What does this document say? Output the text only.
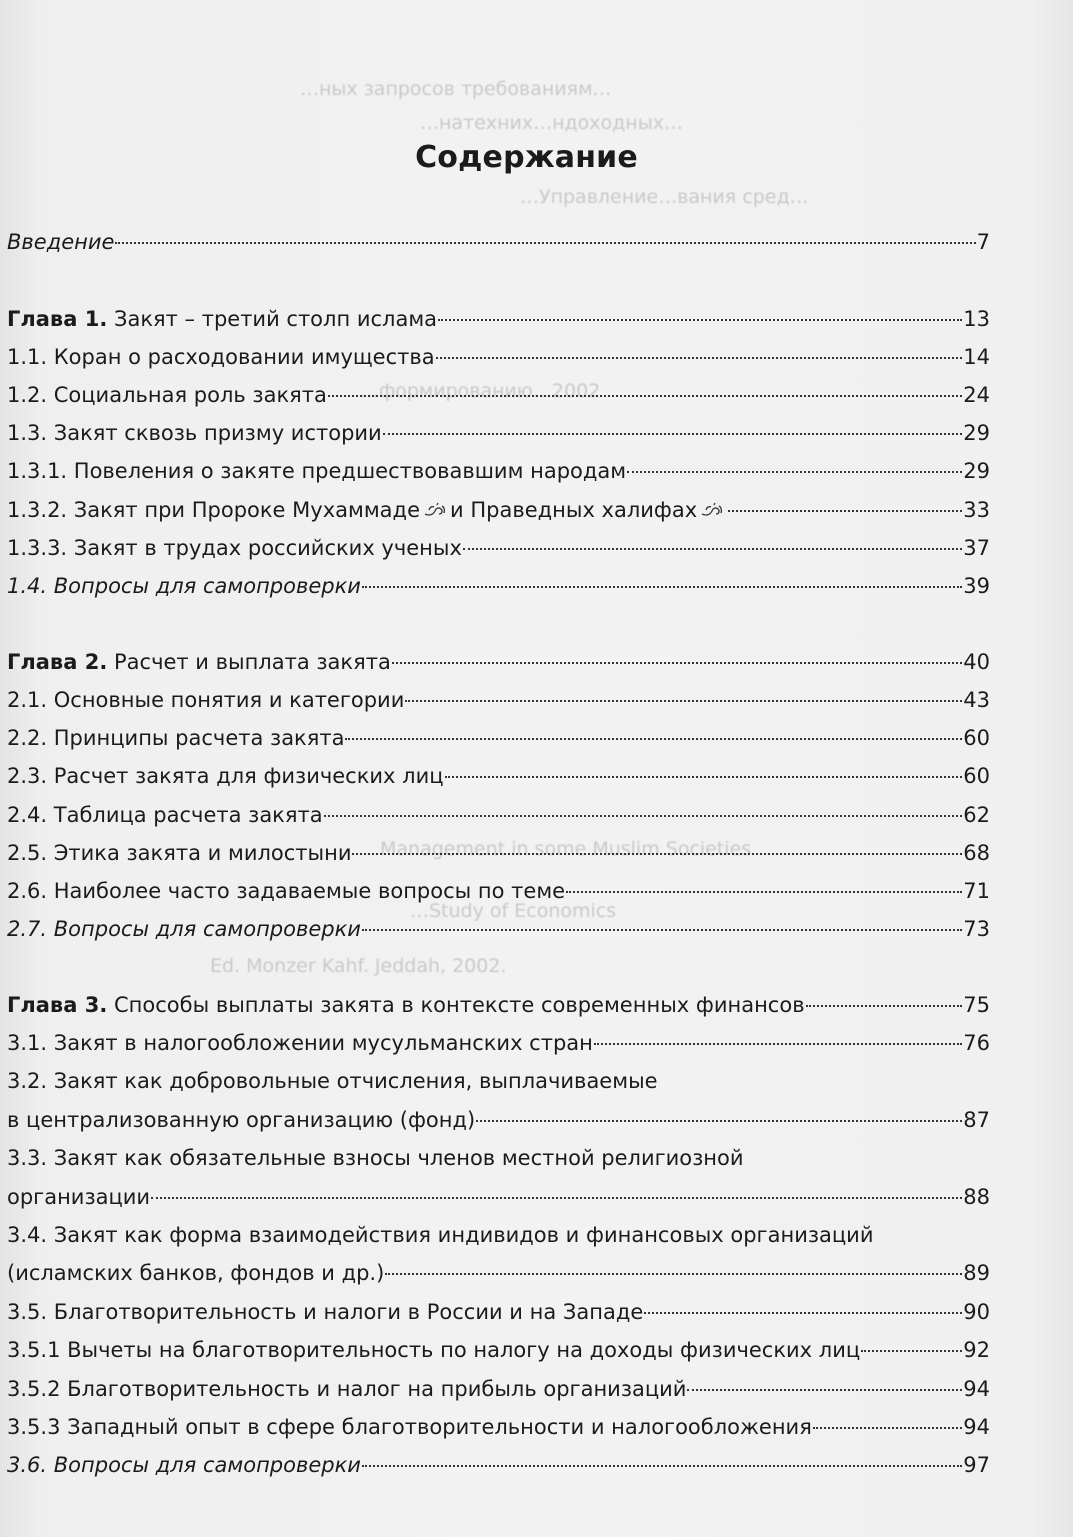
…ных запросов требованиям…
…натехних…ндоходных…
…Управление…вания сред…
…формированию…2002
Management in some Muslim Societies
…Study of Economics
Ed. Monzer Kahf. Jeddah, 2002.
Содержание
Введение	7
Глава 1. Закят – третий столп ислама	13
1.1. Коран о расходовании имущества	14
1.2. Социальная роль закята	24
1.3. Закят сквозь призму истории	29
1.3.1. Повеления о закяте предшествовавшим народам	29
1.3.2. Закят при Пророке Мухаммаде и Праведных халифах	33
1.3.3. Закят в трудах российских ученых	37
1.4. Вопросы для самопроверки	39
Глава 2. Расчет и выплата закята	40
2.1. Основные понятия и категории	43
2.2. Принципы расчета закята	60
2.3. Расчет закята для физических лиц	60
2.4. Таблица расчета закята	62
2.5. Этика закята и милостыни	68
2.6. Наиболее часто задаваемые вопросы по теме	71
2.7. Вопросы для самопроверки	73
Глава 3. Способы выплаты закята в контексте современных финансов	75
3.1. Закят в налогообложении мусульманских стран	76
3.2. Закят как добровольные отчисления, выплачиваемые
в централизованную организацию (фонд)	87
3.3. Закят как обязательные взносы членов местной религиозной
организации	88
3.4. Закят как форма взаимодействия индивидов и финансовых организаций
(исламских банков, фондов и др.)	89
3.5. Благотворительность и налоги в России и на Западе	90
3.5.1 Вычеты на благотворительность по налогу на доходы физических лиц	92
3.5.2 Благотворительность и налог на прибыль организаций	94
3.5.3 Западный опыт в сфере благотворительности и налогообложения	94
3.6. Вопросы для самопроверки	97
